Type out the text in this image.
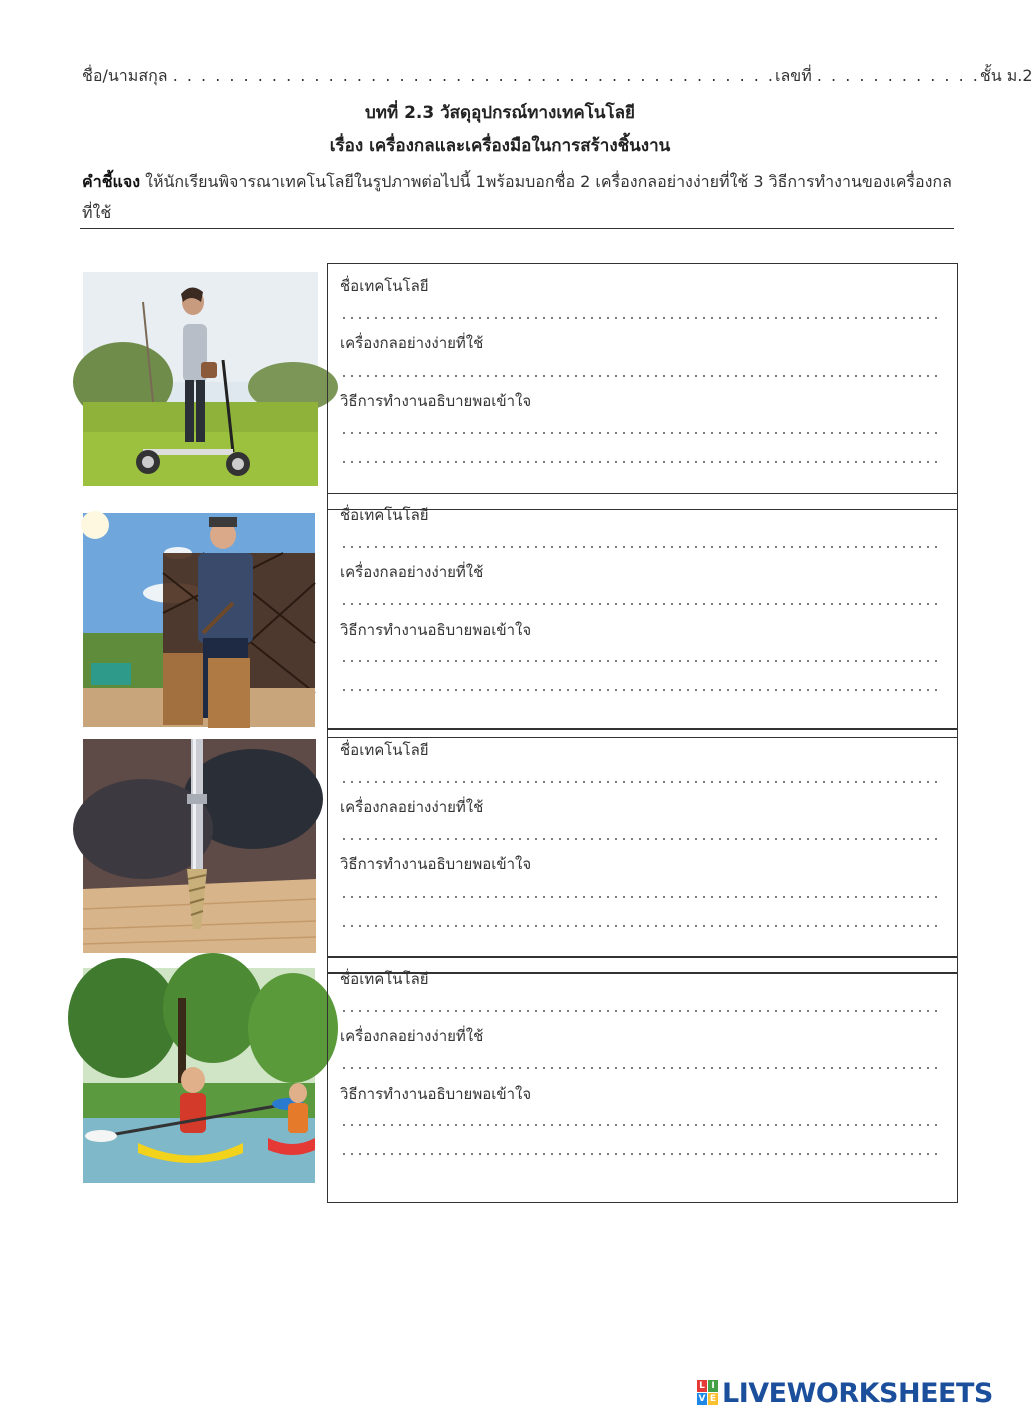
ชื่อ/นามสกุล . . . . . . . . . . . . . . . . . . . . . . . . . . . . . . . . . . . . . . . . . . .เลขที่ . . . . . . . . . . . .ชั้น ม.2
บทที่ 2.3 วัสดุอุปกรณ์ทางเทคโนโลยี
เรื่อง เครื่องกลและเครื่องมือในการสร้างชิ้นงาน
คำชี้แจง ให้นักเรียนพิจารณาเทคโนโลยีในรูปภาพต่อไปนี้ 1พร้อมบอกชื่อ 2 เครื่องกลอย่างง่ายที่ใช้ 3 วิธีการทำงานของเครื่องกลที่ใช้
ชื่อเทคโนโลยี
เครื่องกลอย่างง่ายที่ใช้
วิธีการทำงานอธิบายพอเข้าใจ
ชื่อเทคโนโลยี
เครื่องกลอย่างง่ายที่ใช้
วิธีการทำงานอธิบายพอเข้าใจ
ชื่อเทคโนโลยี
เครื่องกลอย่างง่ายที่ใช้
วิธีการทำงานอธิบายพอเข้าใจ
ชื่อเทคโนโลยี
เครื่องกลอย่างง่ายที่ใช้
วิธีการทำงานอธิบายพอเข้าใจ
L I
V E LIVEWORKSHEETS
